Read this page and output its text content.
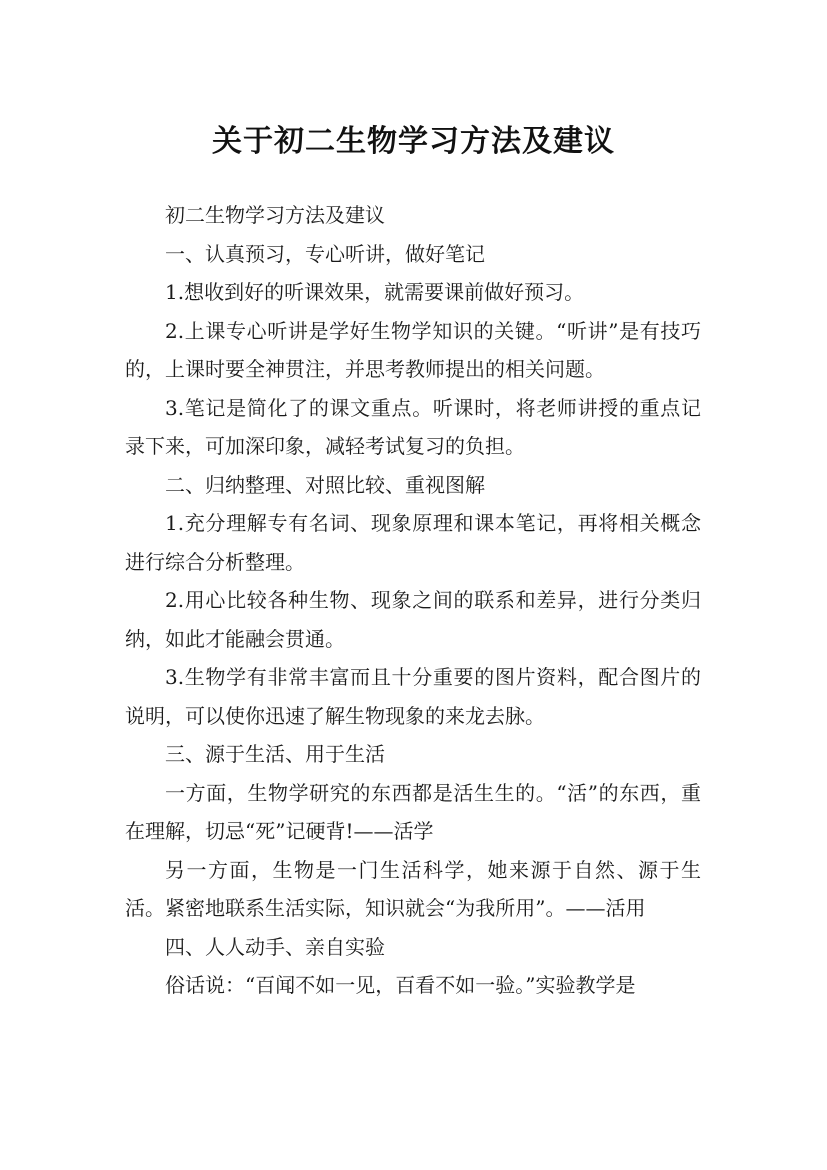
关于初二生物学习方法及建议

初二生物学习方法及建议

一、认真预习，专心听讲，做好笔记

1.想收到好的听课效果，就需要课前做好预习。

2.上课专心听讲是学好生物学知识的关键。“听讲”是有技巧的，上课时要全神贯注，并思考教师提出的相关问题。

3.笔记是简化了的课文重点。听课时，将老师讲授的重点记录下来，可加深印象，减轻考试复习的负担。

二、归纳整理、对照比较、重视图解

1.充分理解专有名词、现象原理和课本笔记，再将相关概念进行综合分析整理。

2.用心比较各种生物、现象之间的联系和差异，进行分类归纳，如此才能融会贯通。

3.生物学有非常丰富而且十分重要的图片资料，配合图片的说明，可以使你迅速了解生物现象的来龙去脉。

三、源于生活、用于生活

一方面，生物学研究的东西都是活生生的。“活”的东西，重在理解，切忌“死”记硬背!——活学

另一方面，生物是一门生活科学，她来源于自然、源于生活。紧密地联系生活实际，知识就会“为我所用”。——活用

四、人人动手、亲自实验

俗话说：“百闻不如一见，百看不如一验。”实验教学是
